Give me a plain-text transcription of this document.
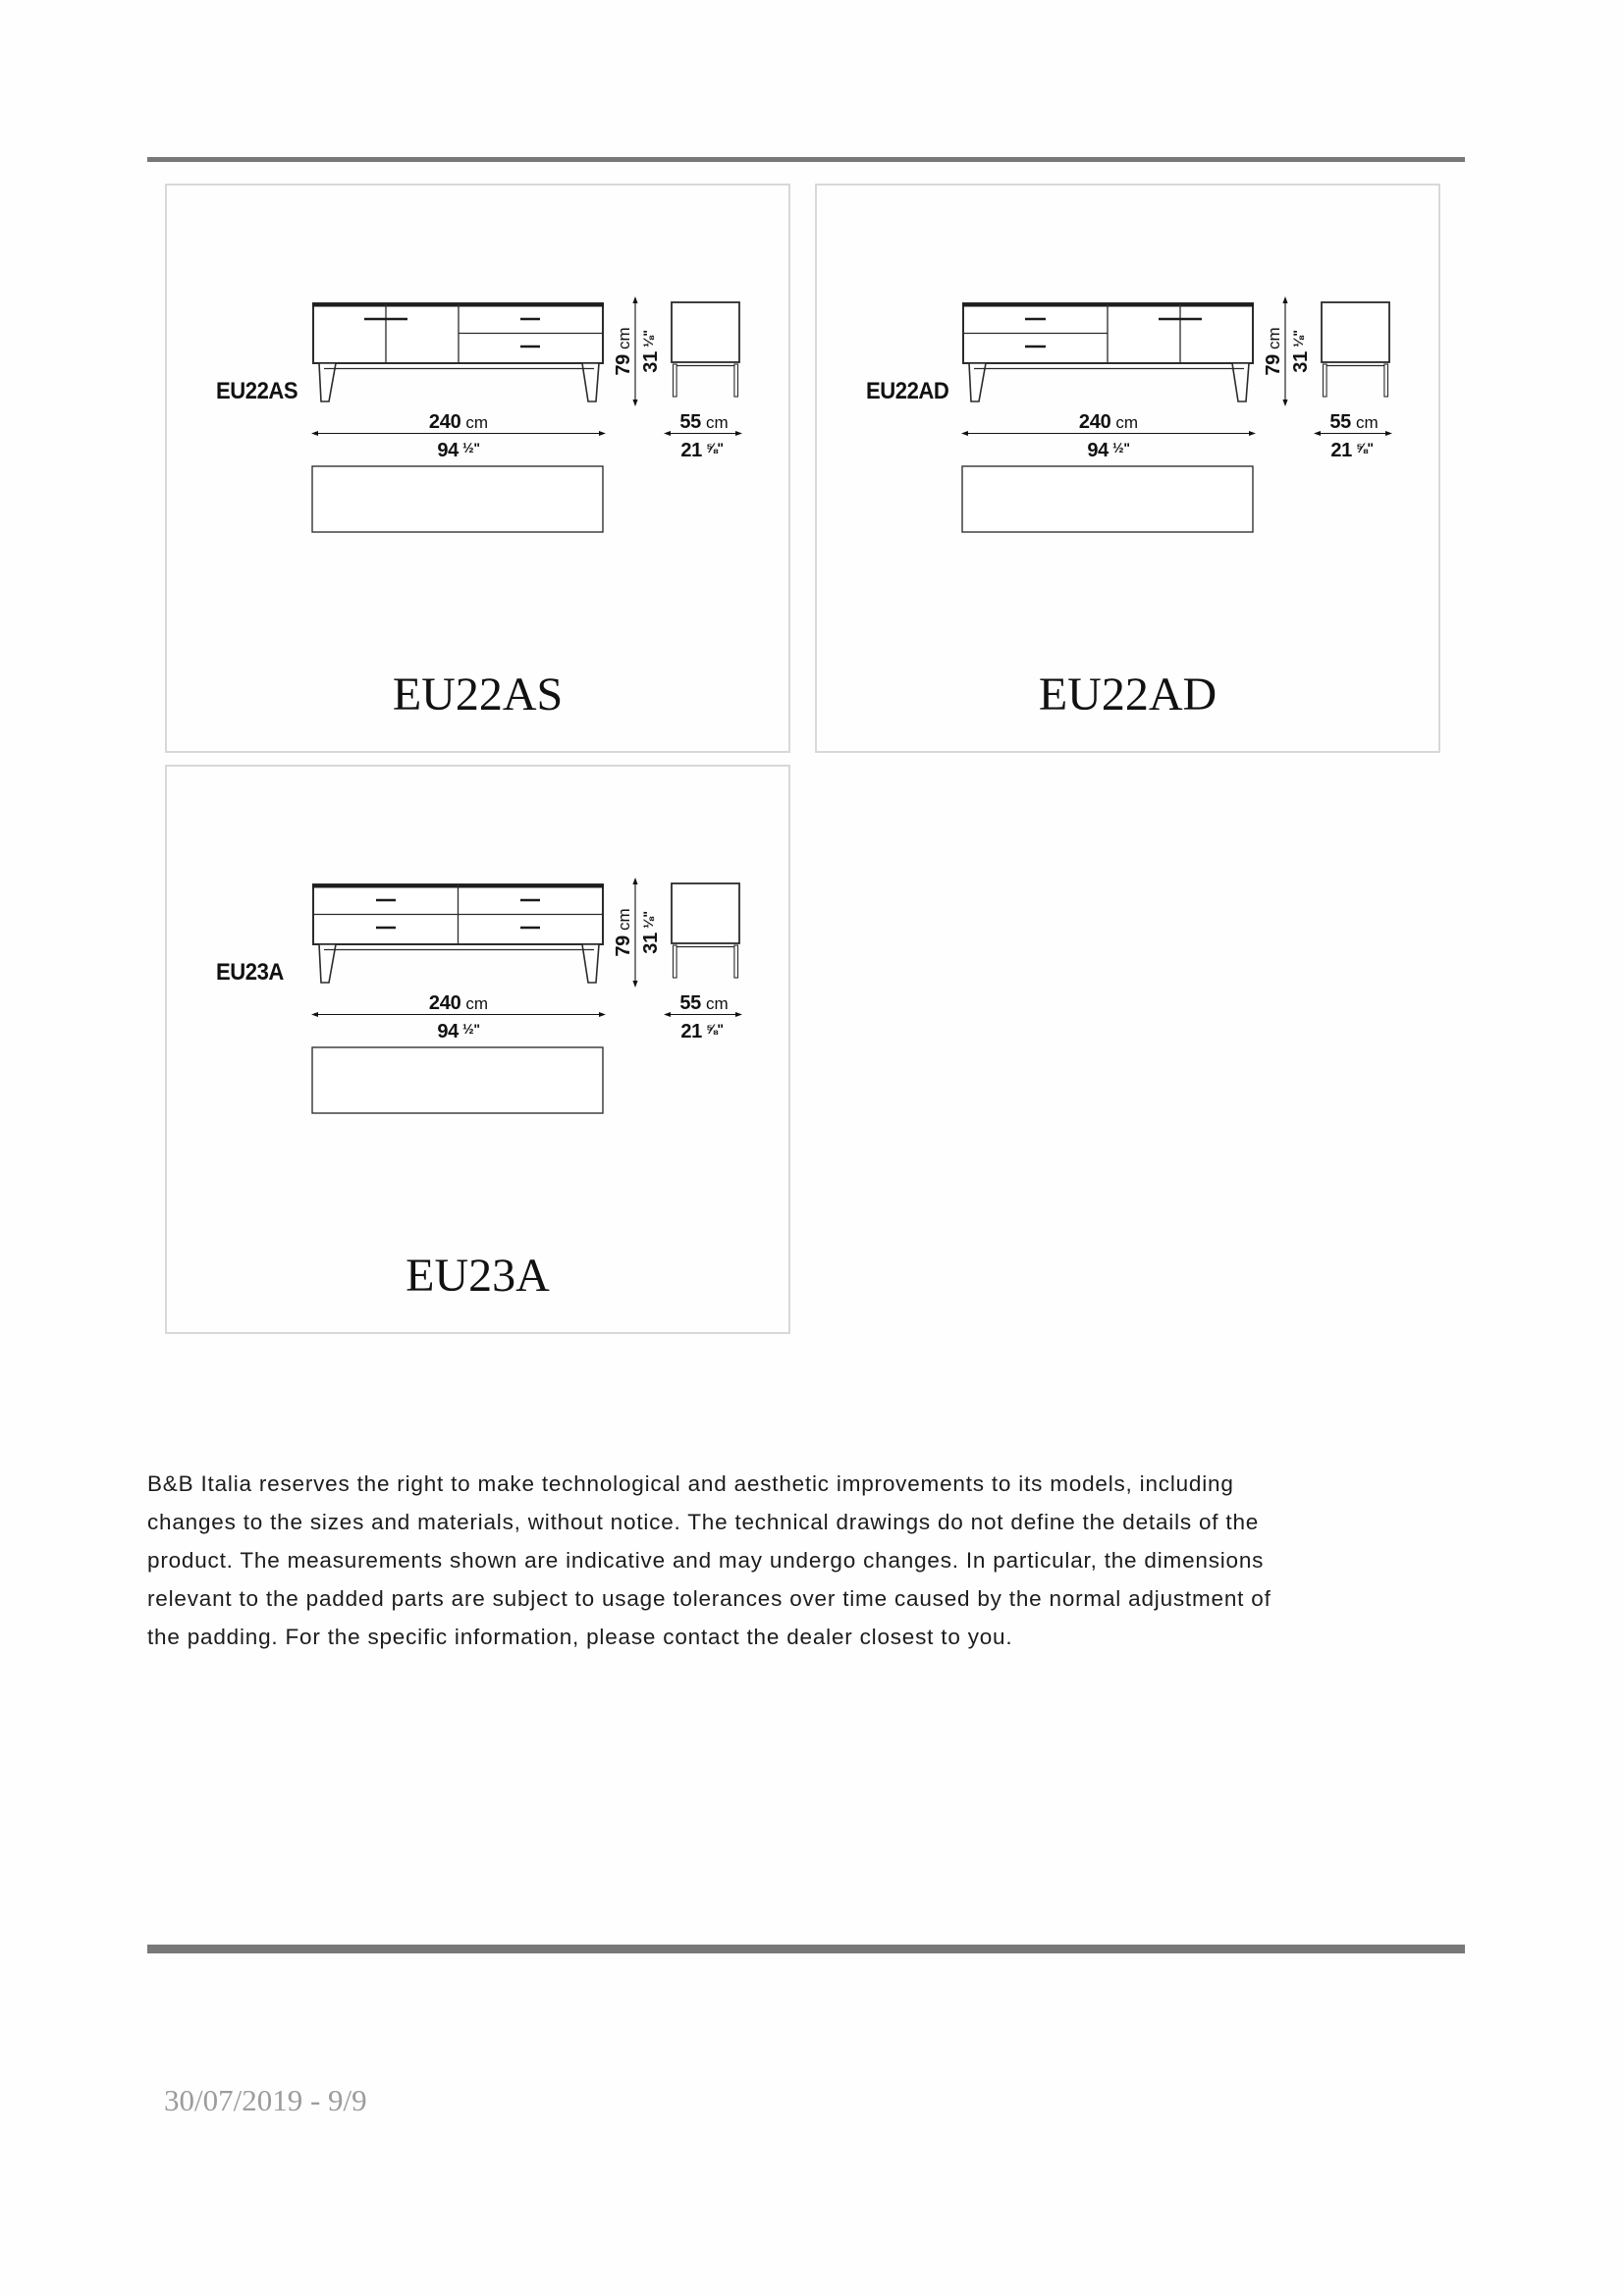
79cm
$31^{\frac{1}{8}"}$
240 cm
94 $^{\frac{1}{2}"}$
55 cm
21 $^{\frac{5}{8}"}$
EU22AS
EU22AS
79cm
$31^{\frac{1}{8}"}$
240 cm
94 $^{\frac{1}{2}"}$
55 cm
21 $^{\frac{5}{8}"}$
EU22AD
EU22AD
79cm
$31^{\frac{1}{8}"}$
240 cm
94 $^{\frac{1}{2}"}$
55 cm
21 $^{\frac{5}{8}"}$
EU23A
EU23A
B&B Italia reserves the right to make technological and aesthetic improvements to its models, including
changes to the sizes and materials, without notice. The technical drawings do not define the details of the
product. The measurements shown are indicative and may undergo changes. In particular, the dimensions
relevant to the padded parts are subject to usage tolerances over time caused by the normal adjustment of
the padding. For the specific information, please contact the dealer closest to you.
30/07/2019 - 9/9
